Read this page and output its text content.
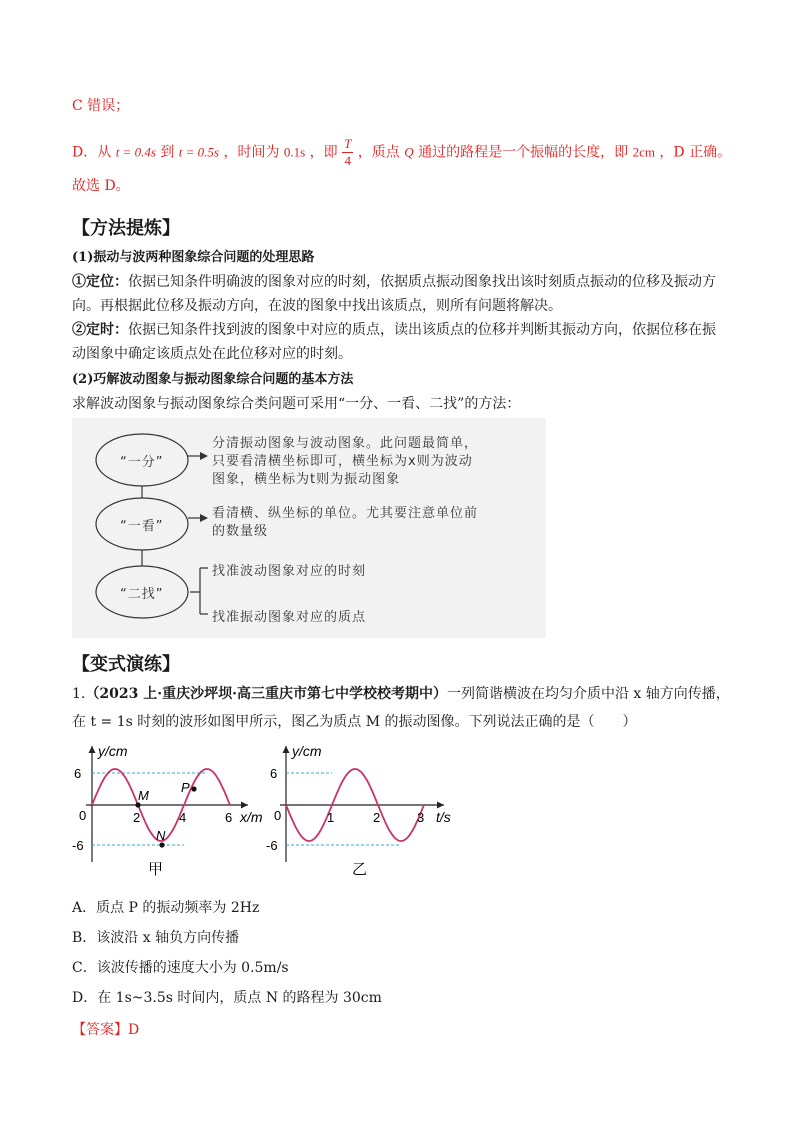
C 错误；
D．从 t = 0.4s 到 t = 0.5s ，时间为 0.1s ，即 $\frac{T}{4}$ ，质点 Q 通过的路程是一个振幅的长度，即 2cm ，D 正确。
故选 D。
【方法提炼】
(1)振动与波两种图象综合问题的处理思路
①定位：依据已知条件明确波的图象对应的时刻，依据质点振动图象找出该时刻质点振动的位移及振动方
向。再根据此位移及振动方向，在波的图象中找出该质点，则所有问题将解决。
②定时：依据已知条件找到波的图象中对应的质点，读出该质点的位移并判断其振动方向，依据位移在振
动图象中确定该质点处在此位移对应的时刻。
(2)巧解波动图象与振动图象综合问题的基本方法
求解波动图象与振动图象综合类问题可采用“一分、一看、二找”的方法：
“一分”
“一看”
“二找”
分清振动图象与波动图象。此问题最简单，
只要看清横坐标即可，横坐标为x则为波动
图象，横坐标为t则为振动图象
看清横、纵坐标的单位。尤其要注意单位前
的数量级
找准波动图象对应的时刻
找准振动图象对应的质点
【变式演练】
1.（2023 上·重庆沙坪坝·高三重庆市第七中学校校考期中）一列简谐横波在均匀介质中沿 x 轴方向传播，
在 t = 1s 时刻的波形如图甲所示，图乙为质点 M 的振动图像。下列说法正确的是（　　）
6
0
-6
2	4	6
M
N
P
y/cm
x/m
甲
6
0
-6
1	2	3
y/cm
t/s
乙
A．质点 P 的振动频率为 2Hz
B．该波沿 x 轴负方向传播
C．该波传播的速度大小为 0.5m/s
D．在 1s~3.5s 时间内，质点 N 的路程为 30cm
【答案】D
